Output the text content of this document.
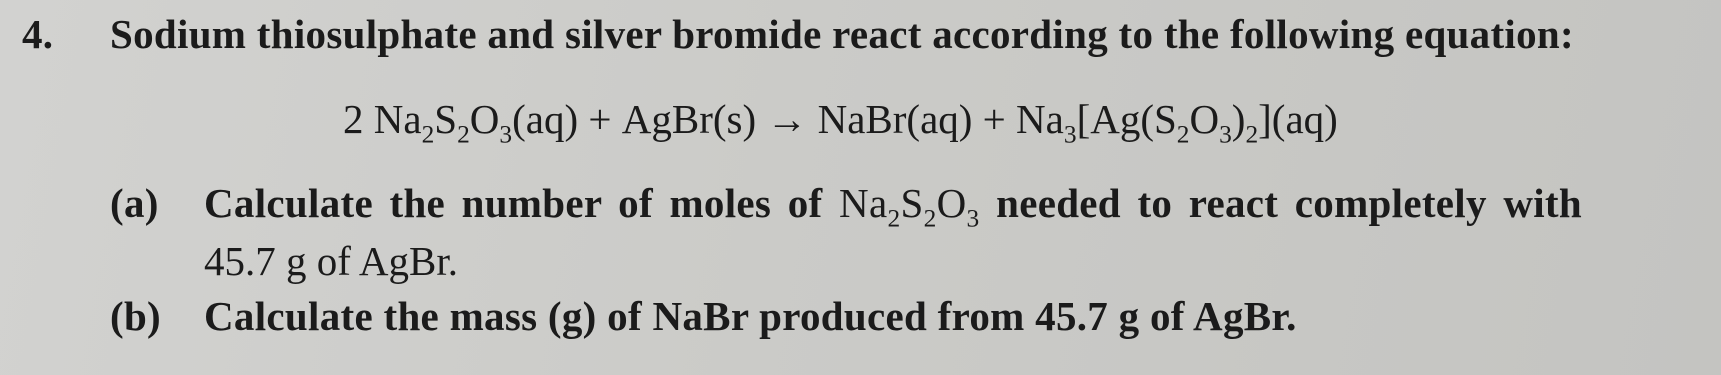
4. Sodium thiosulphate and silver bromide react according to the following equation:
2 $Na_2S_2O_3(aq)$ + AgBr(s) → NaBr(aq) + $Na_3[Ag(S_2O_3)_2](aq)$
(a) Calculate the number of moles of $Na_2S_2O_3$ needed to react completely with
45.7 g of AgBr.
(b) Calculate the mass (g) of NaBr produced from 45.7 g of AgBr.
